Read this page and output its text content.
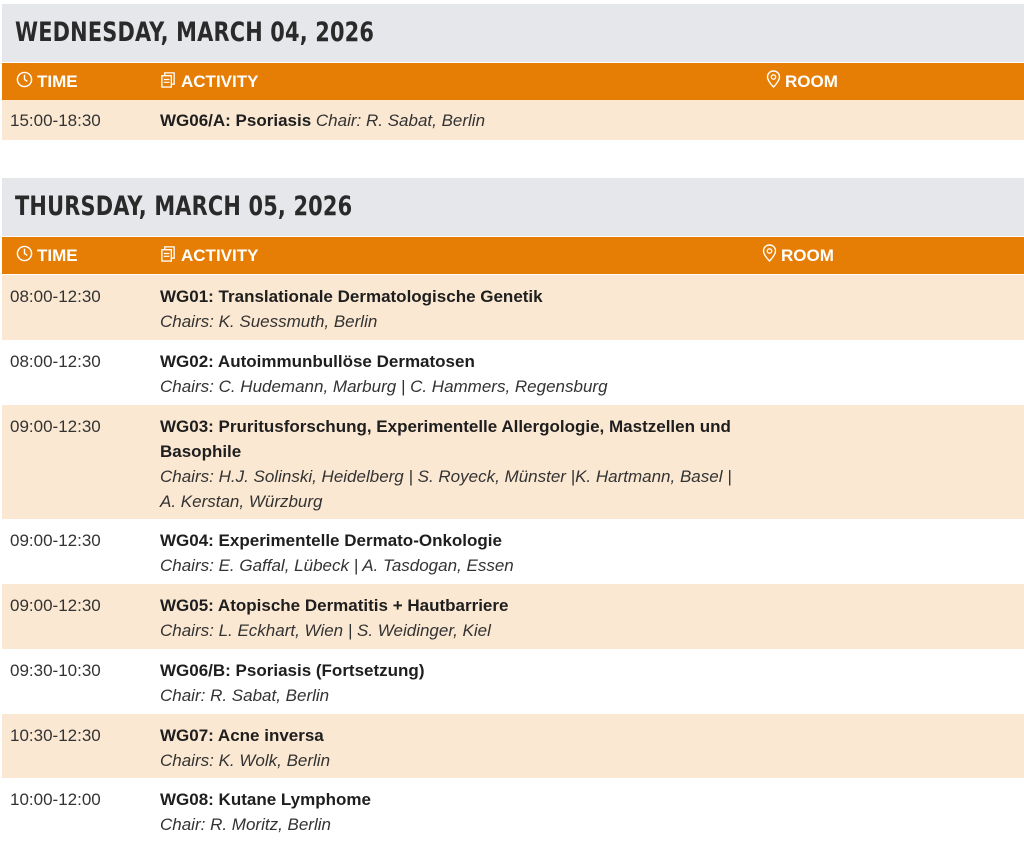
WEDNESDAY, MARCH 04, 2026
TIME	ACTIVITY	ROOM
15:00-18:30	WG06/A: Psoriasis Chair: R. Sabat, Berlin
THURSDAY, MARCH 05, 2026
TIME	ACTIVITY	ROOM
08:00-12:30	WG01: Translationale Dermatologische Genetik
Chairs: K. Suessmuth, Berlin
08:00-12:30	WG02: Autoimmunbullöse Dermatosen
Chairs: C. Hudemann, Marburg | C. Hammers, Regensburg
09:00-12:30	WG03: Pruritusforschung, Experimentelle Allergologie, Mastzellen und Basophile
Chairs: H.J. Solinski, Heidelberg | S. Royeck, Münster |K. Hartmann, Basel | A. Kerstan, Würzburg
09:00-12:30	WG04: Experimentelle Dermato-Onkologie
Chairs: E. Gaffal, Lübeck | A. Tasdogan, Essen
09:00-12:30	WG05: Atopische Dermatitis + Hautbarriere
Chairs: L. Eckhart, Wien | S. Weidinger, Kiel
09:30-10:30	WG06/B: Psoriasis (Fortsetzung)
Chair: R. Sabat, Berlin
10:30-12:30	WG07: Acne inversa
Chairs: K. Wolk, Berlin
10:00-12:00	WG08: Kutane Lymphome
Chair: R. Moritz, Berlin
